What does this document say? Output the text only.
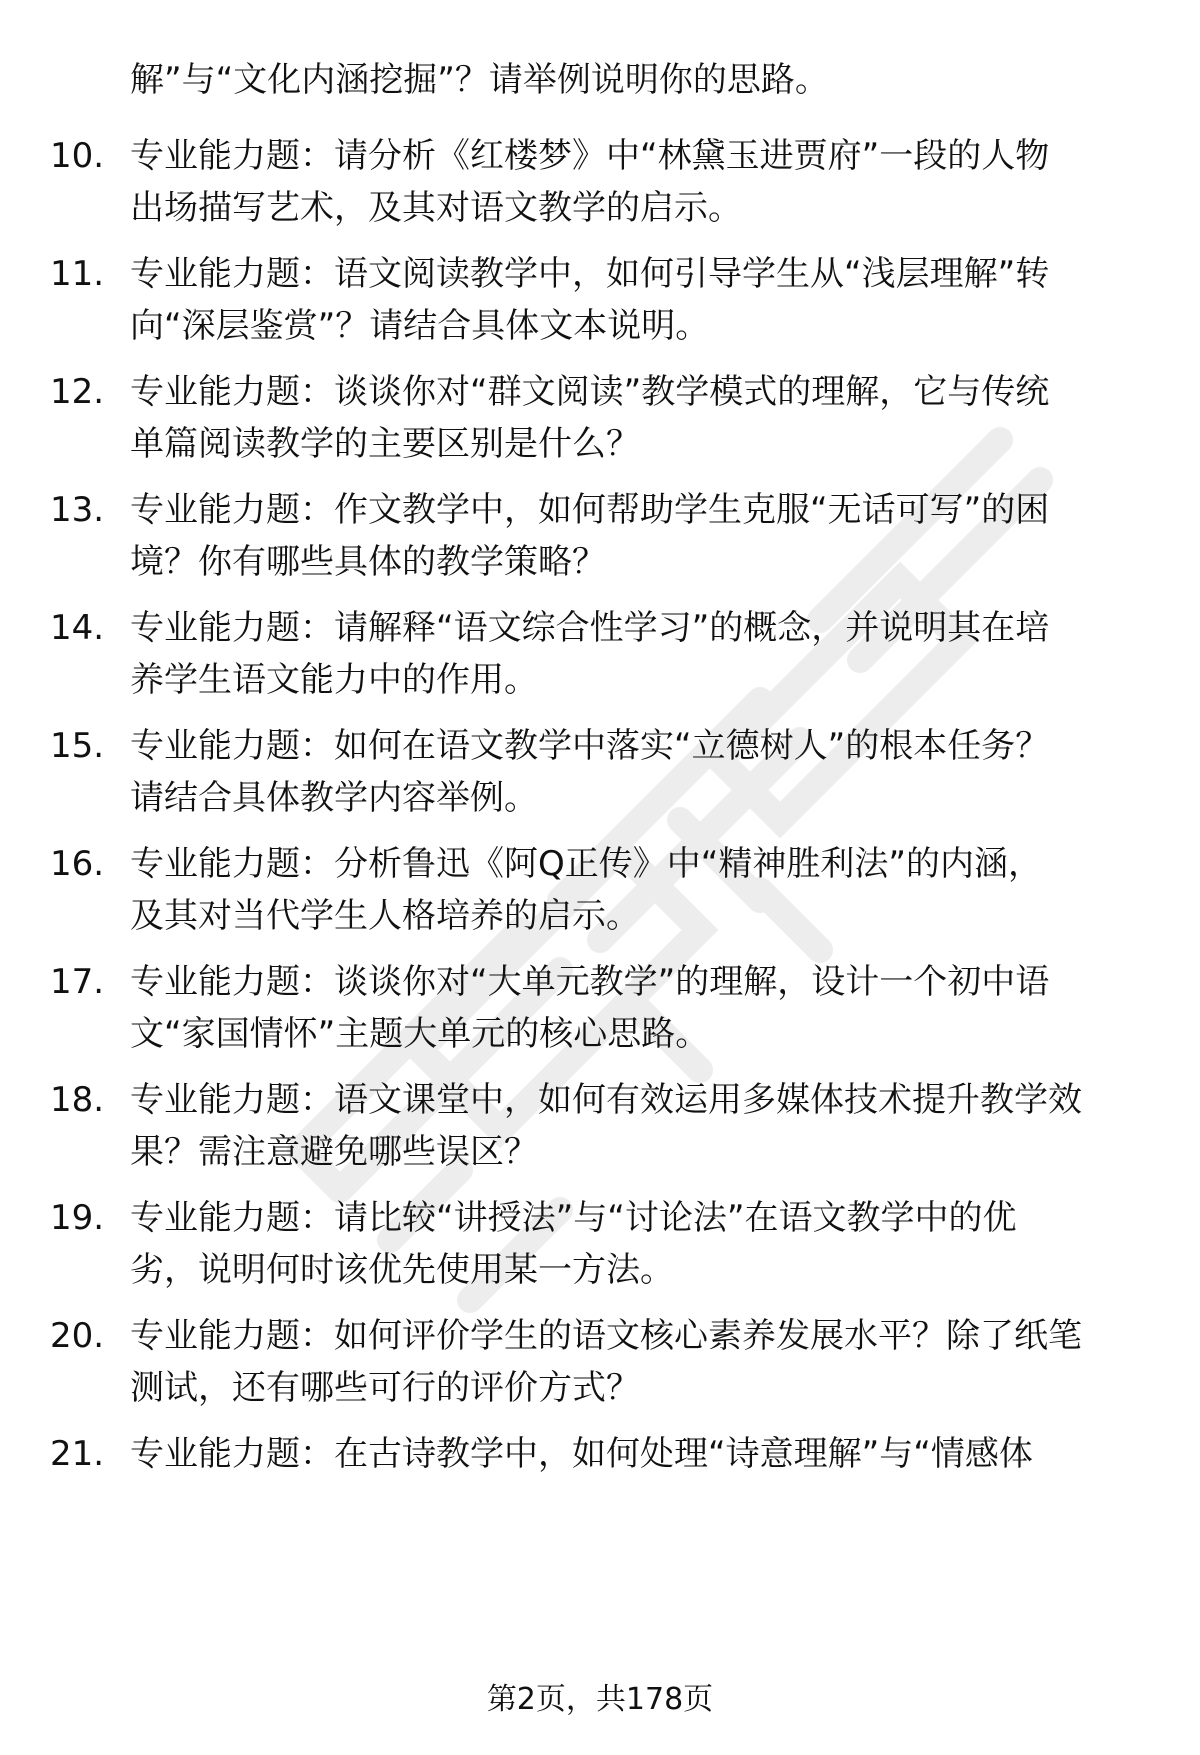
解”与“文化内涵挖掘”？请举例说明你的思路。
10. 专业能力题：请分析《红楼梦》中“林黛玉进贾府”一段的人物
出场描写艺术，及其对语文教学的启示。
11. 专业能力题：语文阅读教学中，如何引导学生从“浅层理解”转
向“深层鉴赏”？请结合具体文本说明。
12. 专业能力题：谈谈你对“群文阅读”教学模式的理解，它与传统
单篇阅读教学的主要区别是什么？
13. 专业能力题：作文教学中，如何帮助学生克服“无话可写”的困
境？你有哪些具体的教学策略？
14. 专业能力题：请解释“语文综合性学习”的概念，并说明其在培
养学生语文能力中的作用。
15. 专业能力题：如何在语文教学中落实“立德树人”的根本任务？
请结合具体教学内容举例。
16. 专业能力题：分析鲁迅《阿Q正传》中“精神胜利法”的内涵，
及其对当代学生人格培养的启示。
17. 专业能力题：谈谈你对“大单元教学”的理解，设计一个初中语
文“家国情怀”主题大单元的核心思路。
18. 专业能力题：语文课堂中，如何有效运用多媒体技术提升教学效
果？需注意避免哪些误区？
19. 专业能力题：请比较“讲授法”与“讨论法”在语文教学中的优
劣，说明何时该优先使用某一方法。
20. 专业能力题：如何评价学生的语文核心素养发展水平？除了纸笔
测试，还有哪些可行的评价方式？
21. 专业能力题：在古诗教学中，如何处理“诗意理解”与“情感体
第2页，共178页
